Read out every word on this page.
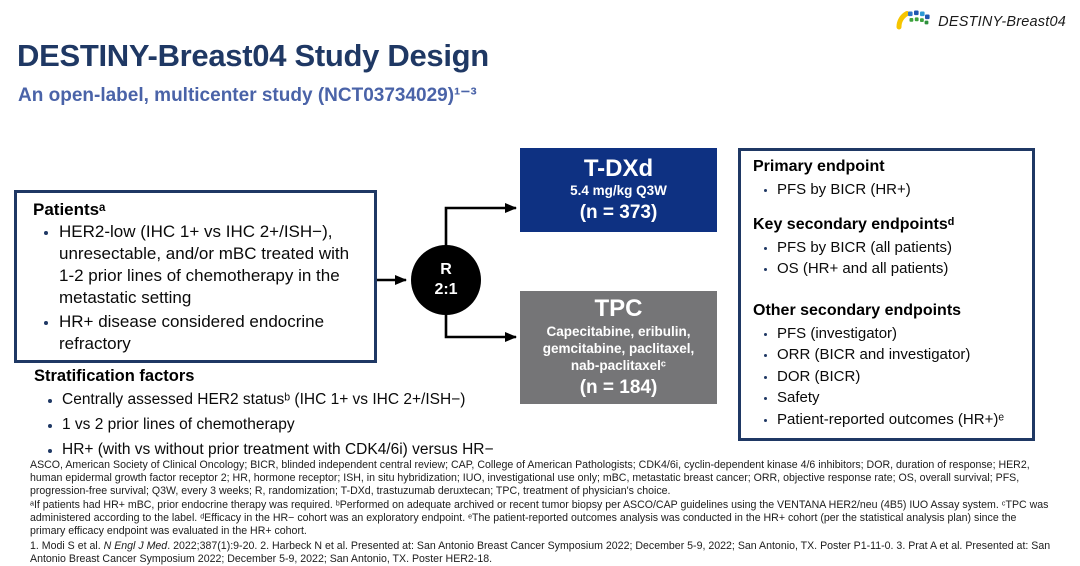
DESTINY-Breast04
DESTINY-Breast04 Study Design
An open-label, multicenter study (NCT03734029)¹⁻³
Patientsᵃ
• HER2-low (IHC 1+ vs IHC 2+/ISH−), unresectable, and/or mBC treated with 1-2 prior lines of chemotherapy in the metastatic setting
• HR+ disease considered endocrine refractory
R
2:1
T-DXd
5.4 mg/kg Q3W
(n = 373)
TPC
Capecitabine, eribulin,
gemcitabine, paclitaxel,
nab-paclitaxelᶜ
(n = 184)
Primary endpoint
• PFS by BICR (HR+)
Key secondary endpointsᵈ
• PFS by BICR (all patients)
• OS (HR+ and all patients)
Other secondary endpoints
• PFS (investigator)
• ORR (BICR and investigator)
• DOR (BICR)
• Safety
• Patient-reported outcomes (HR+)ᵉ
Stratification factors
• Centrally assessed HER2 statusᵇ (IHC 1+ vs IHC 2+/ISH−)
• 1 vs 2 prior lines of chemotherapy
• HR+ (with vs without prior treatment with CDK4/6i) versus HR−

ASCO, American Society of Clinical Oncology; BICR, blinded independent central review; CAP, College of American Pathologists; CDK4/6i, cyclin-dependent kinase 4/6 inhibitors; DOR, duration of response; HER2, human epidermal growth factor receptor 2; HR, hormone receptor; ISH, in situ hybridization; IUO, investigational use only; mBC, metastatic breast cancer; ORR, objective response rate; OS, overall survival; PFS, progression-free survival; Q3W, every 3 weeks; R, randomization; T-DXd, trastuzumab deruxtecan; TPC, treatment of physician's choice.

ᵃIf patients had HR+ mBC, prior endocrine therapy was required. ᵇPerformed on adequate archived or recent tumor biopsy per ASCO/CAP guidelines using the VENTANA HER2/neu (4B5) IUO Assay system. ᶜTPC was administered according to the label. ᵈEfficacy in the HR− cohort was an exploratory endpoint. ᵉThe patient-reported outcomes analysis was conducted in the HR+ cohort (per the statistical analysis plan) since the primary efficacy endpoint was evaluated in the HR+ cohort.

1. Modi S et al. N Engl J Med. 2022;387(1):9-20. 2. Harbeck N et al. Presented at: San Antonio Breast Cancer Symposium 2022; December 5-9, 2022; San Antonio, TX. Poster P1-11-0. 3. Prat A et al. Presented at: San Antonio Breast Cancer Symposium 2022; December 5-9, 2022; San Antonio, TX. Poster HER2-18.
